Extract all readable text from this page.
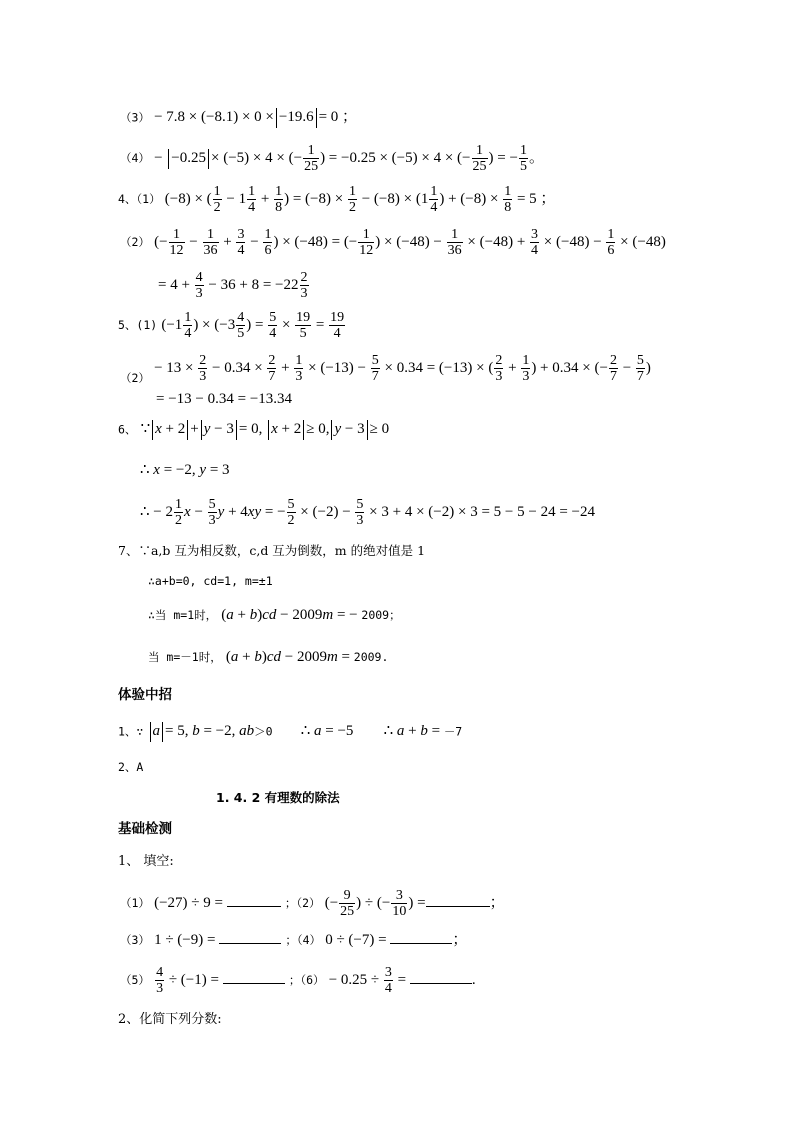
（3） − 7.8 × (−8.1) × 0 × −19.6 = 0 ；
（4） − −0.25 × (−5) × 4 × (− $\frac{1}{25}$ ) = −0.25 × (−5) × 4 × (− $\frac{1}{25}$ ) = − $\frac{1}{5}$ 。
4、（1） (−8) × ( $\frac{1}{2} - 1 \frac{1}{4} + \frac{1}{8}$ ) = $(-8) \times \frac{1}{2} - (-8) \times (1 \frac{1}{4}$ ) + $(-8) \times \frac{1}{8} = 5$ ；
（2） (− $\frac{1}{12} - \frac{1}{36} + \frac{3}{4} - \frac{1}{6}$ ) × (−48) = (− $\frac{1}{12}$ ) × $(-48) - \frac{1}{36} \times (-48) + \frac{3}{4} \times (-48) - \frac{1}{6} \times (-48)$
= $4 + \frac{4}{3} - 36 + 8 = -22 \frac{2}{3}$
5、(1) ($-1 \frac{1}{4}$ ) × ($-3 \frac{4}{5}$ ) = $\frac{5}{4} \times \frac{19}{5} = \frac{19}{4}$
$(2) - 13 \times \frac{2}{3} - 0.34 \times \frac{2}{7} + \frac{1}{3} \times (-13) - \frac{5}{7} \times 0.34 = (-13)$ × ( $\frac{2}{3} + \frac{1}{3}$ ) + 0.34 × (− $\frac{2}{7} - \frac{5}{7}$ )
= −13 − 0.34 = −13.34
6、 ∵ x + 2 + y − 3 = 0, x + 2 ≥ 0, y − 3 ≥ 0
∴ x = −2, y = 3
∴ − $2 \frac{1}{2}$ $x - \frac{5}{3}$ y + 4xy = − $\frac{5}{2} \times (-2) - \frac{5}{3} \times 3 + 4 \times (-2) \times 3 = 5 - 5 - 24 = -24$
7、∵a,b 互为相反数，c,d 互为倒数，m 的绝对值是 1
∴a+b=0, cd=1, m=±1
∴当 m=1时， (a + b)cd − 2009m = − 2009；
当 m=－1时， (a + b)cd − 2009m = 2009.
体验中招
1、∵ a = 5, b = −2, ab＞0 ∴ a = −5 ∴ a + b = －7
2、A
1. 4. 2 有理数的除法
基础检测
1、 填空:
（1） (−27) ÷ 9 =	；（2） (− $\frac{9}{25}$ ) ÷ (− $\frac{3}{10}$ ) =	；
（3） 1 ÷ (−9) =	；（4） 0 ÷ (−7) =	；
$(5) \frac{4}{3} \div (-1)$ =	；$(6) - 0.25 \div \frac{3}{4}$ =	.
2、化简下列分数:
